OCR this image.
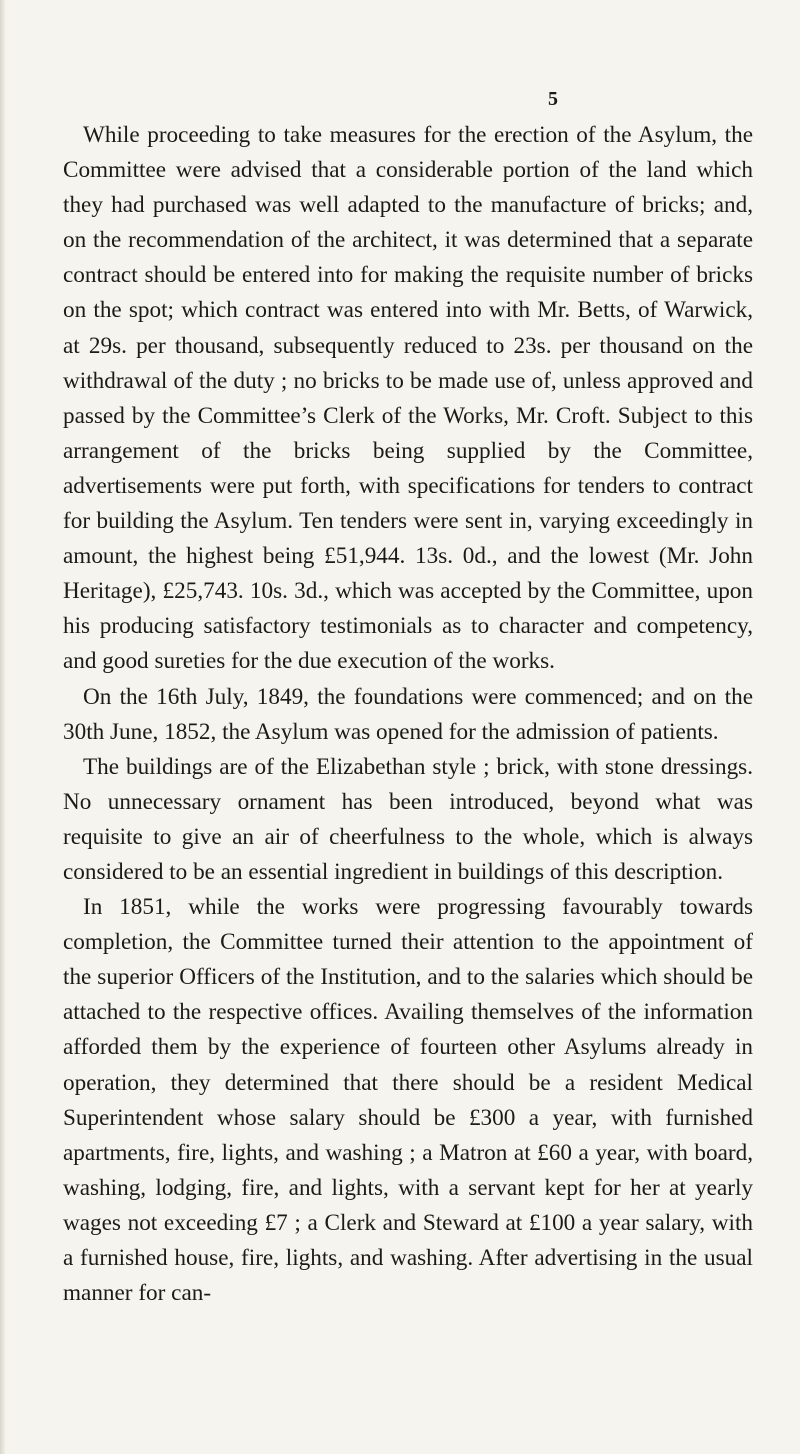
5

While proceeding to take measures for the erection of the Asylum, the Committee were advised that a considerable portion of the land which they had purchased was well adapted to the manufacture of bricks; and, on the recommendation of the architect, it was determined that a separate contract should be entered into for making the requisite number of bricks on the spot; which contract was entered into with Mr. Betts, of Warwick, at 29s. per thousand, subsequently reduced to 23s. per thousand on the withdrawal of the duty ; no bricks to be made use of, unless approved and passed by the Committee’s Clerk of the Works, Mr. Croft. Subject to this arrangement of the bricks being supplied by the Committee, advertisements were put forth, with specifications for tenders to contract for building the Asylum. Ten tenders were sent in, varying exceedingly in amount, the highest being £51,944. 13s. 0d., and the lowest (Mr. John Heritage), £25,743. 10s. 3d., which was accepted by the Committee, upon his producing satisfactory testimonials as to character and competency, and good sureties for the due execution of the works.

On the 16th July, 1849, the foundations were commenced; and on the 30th June, 1852, the Asylum was opened for the admission of patients.

The buildings are of the Elizabethan style ; brick, with stone dressings. No unnecessary ornament has been introduced, beyond what was requisite to give an air of cheerfulness to the whole, which is always considered to be an essential ingredient in buildings of this description.

In 1851, while the works were progressing favourably towards completion, the Committee turned their attention to the appointment of the superior Officers of the Institution, and to the salaries which should be attached to the respective offices. Availing themselves of the information afforded them by the experience of fourteen other Asylums already in operation, they determined that there should be a resident Medical Superintendent whose salary should be £300 a year, with furnished apartments, fire, lights, and washing ; a Matron at £60 a year, with board, washing, lodging, fire, and lights, with a servant kept for her at yearly wages not exceeding £7 ; a Clerk and Steward at £100 a year salary, with a furnished house, fire, lights, and washing. After advertising in the usual manner for can-
